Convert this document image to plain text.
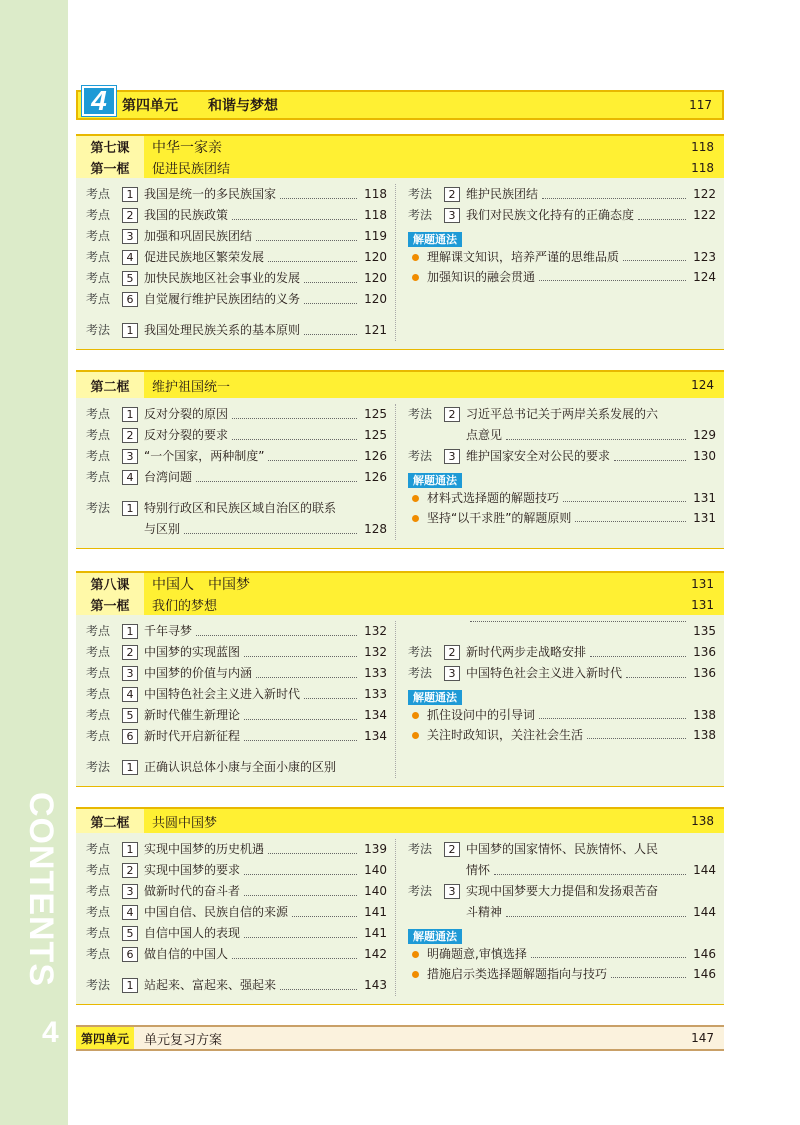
CONTENTS
4
4	第四单元 和谐与梦想	117
第七课	中华一家亲	118
第一框	促进民族团结	118
考点	1 我国是统一的多民族国家	118
考点	2 我国的民族政策	118
考点	3 加强和巩固民族团结	119
考点	4 促进民族地区繁荣发展	120
考点	5 加快民族地区社会事业的发展	120
考点	6 自觉履行维护民族团结的义务	120
考法	1 我国处理民族关系的基本原则	121
考法	2 维护民族团结	122
考法	3 我们对民族文化持有的正确态度	122
解题通法
理解课文知识，培养严谨的思维品质	123
加强知识的融会贯通	124
第二框	维护祖国统一	124
考点	1 反对分裂的原因	125
考点	2 反对分裂的要求	125
考点	3 “一个国家，两种制度”	126
考点	4 台湾问题	126
考法	1 特别行政区和民族区域自治区的联系
与区别	128
考法	2 习近平总书记关于两岸关系发展的六
点意见	129
考法	3 维护国家安全对公民的要求	130
解题通法
材料式选择题的解题技巧	131
坚持“以干求胜”的解题原则	131
第八课	中国人　中国梦	131
第一框	我们的梦想	131
考点	1 千年寻梦	132
考点	2 中国梦的实现蓝图	132
考点	3 中国梦的价值与内涵	133
考点	4 中国特色社会主义进入新时代	133
考点	5 新时代催生新理论	134
考点	6 新时代开启新征程	134
考法	1 正确认识总体小康与全面小康的区别
135
考法	2 新时代两步走战略安排	136
考法	3 中国特色社会主义进入新时代	136
解题通法
抓住设问中的引导词	138
关注时政知识，关注社会生活	138
第二框	共圆中国梦	138
考点	1 实现中国梦的历史机遇	139
考点	2 实现中国梦的要求	140
考点	3 做新时代的奋斗者	140
考点	4 中国自信、民族自信的来源	141
考点	5 自信中国人的表现	141
考点	6 做自信的中国人	142
考法	1 站起来、富起来、强起来	143
考法	2 中国梦的国家情怀、民族情怀、人民
情怀	144
考法	3 实现中国梦要大力提倡和发扬艰苦奋
斗精神	144
解题通法
明确题意,审慎选择	146
措施启示类选择题解题指向与技巧	146
第四单元	单元复习方案	147
